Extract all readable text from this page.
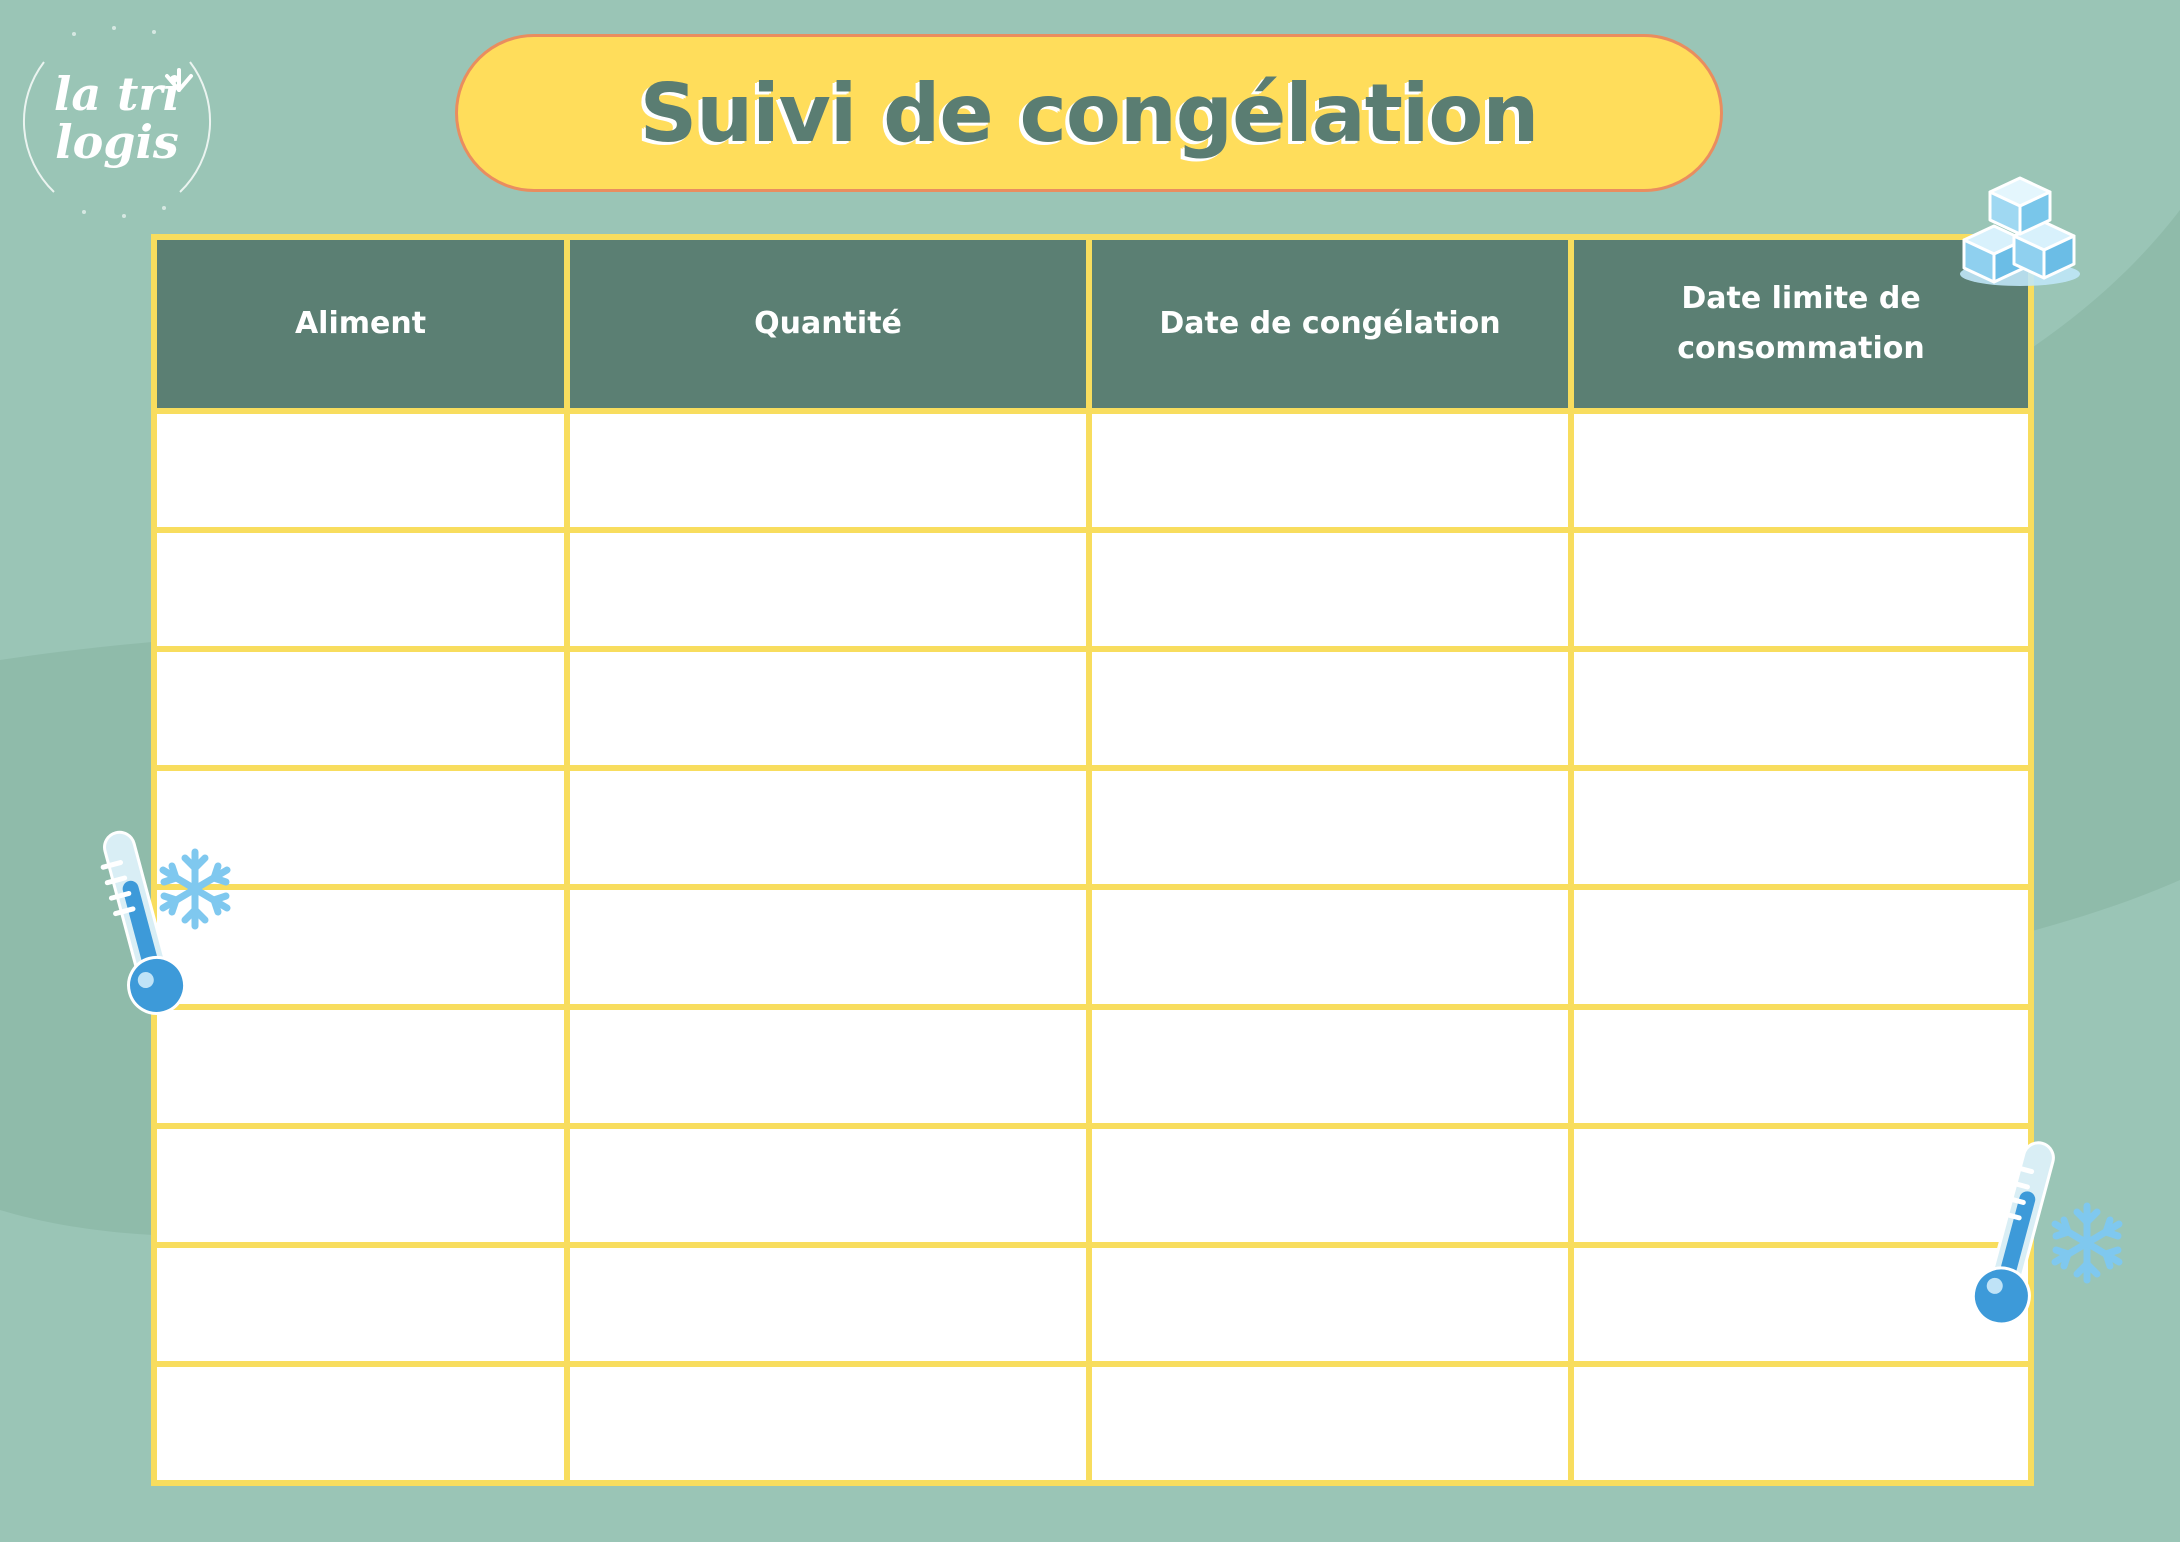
la tri
logis	Suivi de congélation
Aliment	Quantité	Date de congélation	Date limite de consommation
